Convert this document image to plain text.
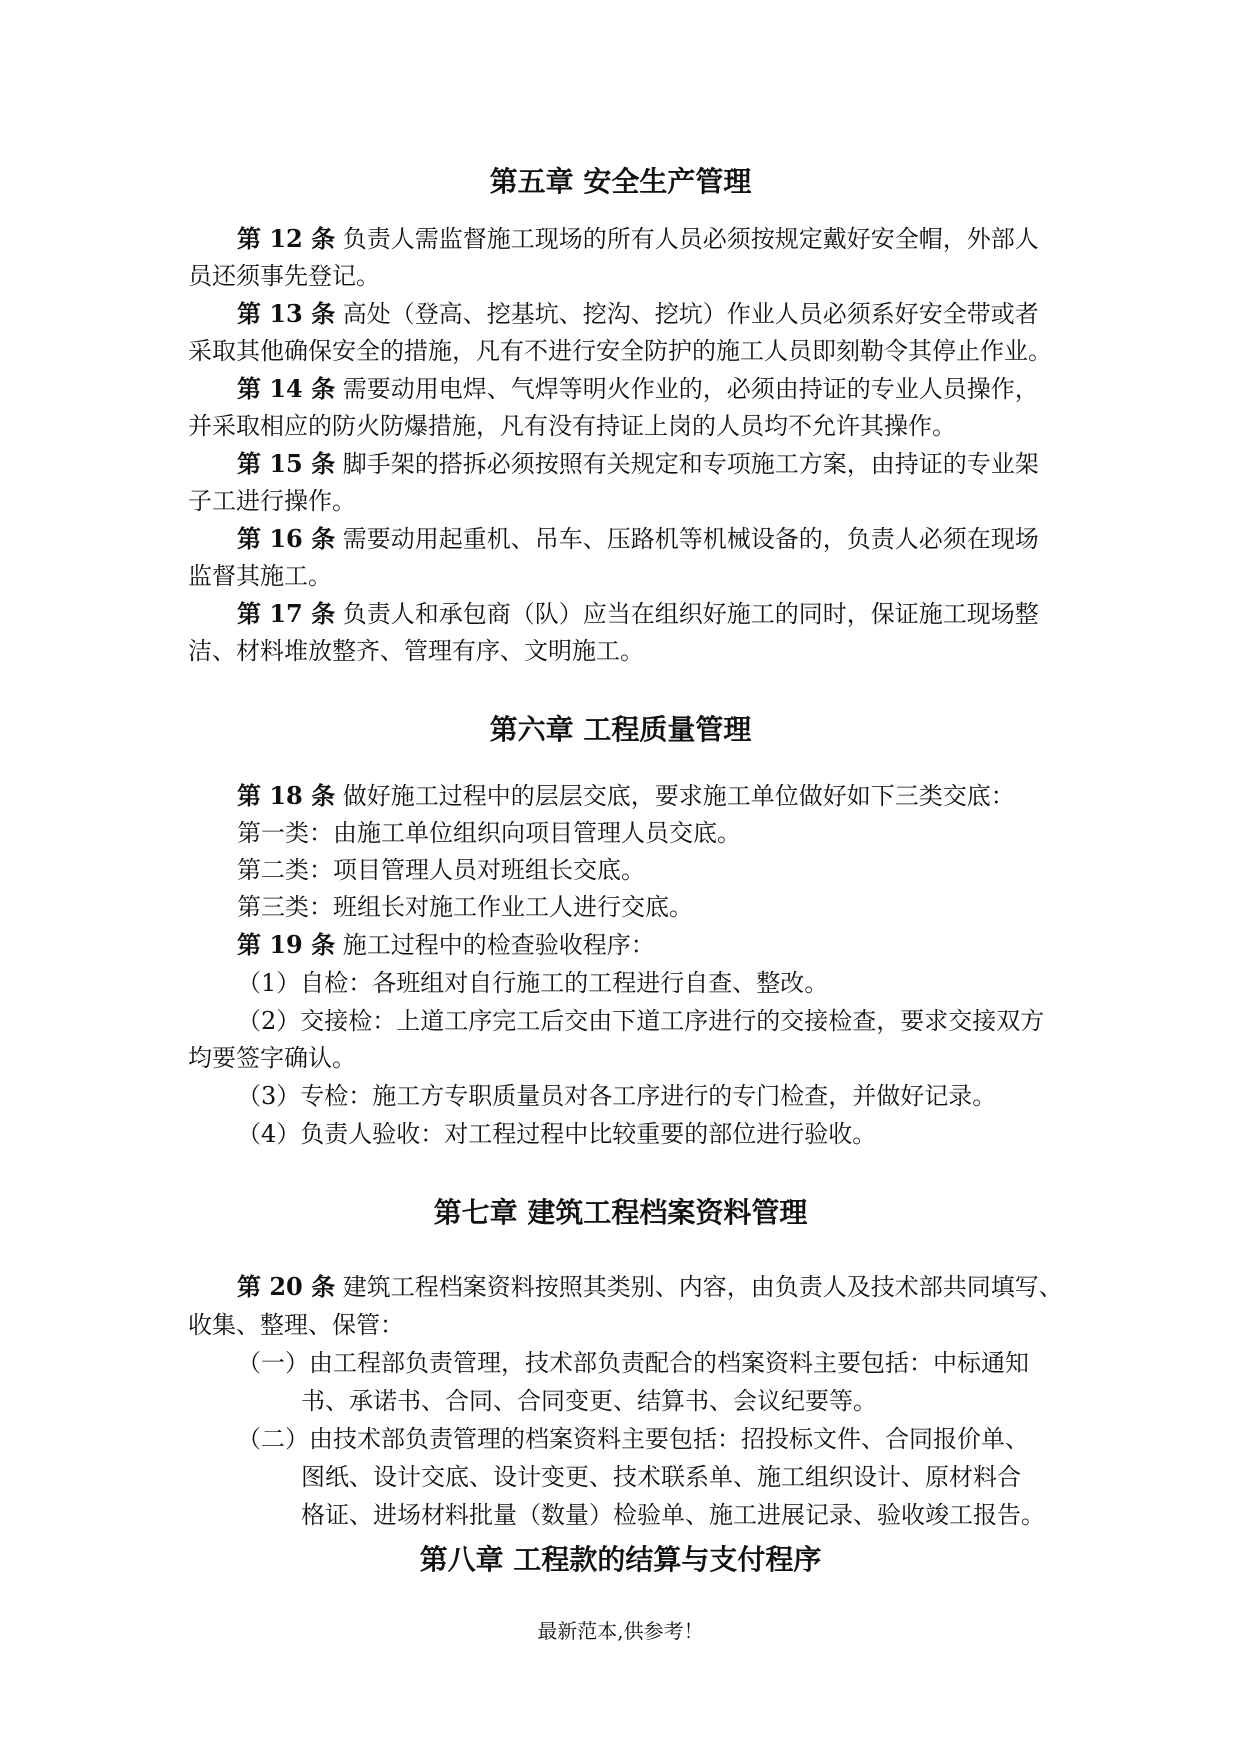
第五章 安全生产管理
第 12 条 负责人需监督施工现场的所有人员必须按规定戴好安全帽，外部人
员还须事先登记。
第 13 条 高处（登高、挖基坑、挖沟、挖坑）作业人员必须系好安全带或者
采取其他确保安全的措施，凡有不进行安全防护的施工人员即刻勒令其停止作业。
第 14 条 需要动用电焊、气焊等明火作业的，必须由持证的专业人员操作，
并采取相应的防火防爆措施，凡有没有持证上岗的人员均不允许其操作。
第 15 条 脚手架的搭拆必须按照有关规定和专项施工方案，由持证的专业架
子工进行操作。
第 16 条 需要动用起重机、吊车、压路机等机械设备的，负责人必须在现场
监督其施工。
第 17 条 负责人和承包商（队）应当在组织好施工的同时，保证施工现场整
洁、材料堆放整齐、管理有序、文明施工。
第六章 工程质量管理
第 18 条 做好施工过程中的层层交底，要求施工单位做好如下三类交底：
第一类：由施工单位组织向项目管理人员交底。
第二类：项目管理人员对班组长交底。
第三类：班组长对施工作业工人进行交底。
第 19 条 施工过程中的检查验收程序：
（1）自检：各班组对自行施工的工程进行自查、整改。
（2）交接检：上道工序完工后交由下道工序进行的交接检查，要求交接双方
均要签字确认。
（3）专检：施工方专职质量员对各工序进行的专门检查，并做好记录。
（4）负责人验收：对工程过程中比较重要的部位进行验收。
第七章 建筑工程档案资料管理
第 20 条 建筑工程档案资料按照其类别、内容，由负责人及技术部共同填写、
收集、整理、保管：
（一）由工程部负责管理，技术部负责配合的档案资料主要包括：中标通知
书、承诺书、合同、合同变更、结算书、会议纪要等。
（二）由技术部负责管理的档案资料主要包括：招投标文件、合同报价单、
图纸、设计交底、设计变更、技术联系单、施工组织设计、原材料合
格证、进场材料批量（数量）检验单、施工进展记录、验收竣工报告。
第八章 工程款的结算与支付程序
最新范本,供参考！
